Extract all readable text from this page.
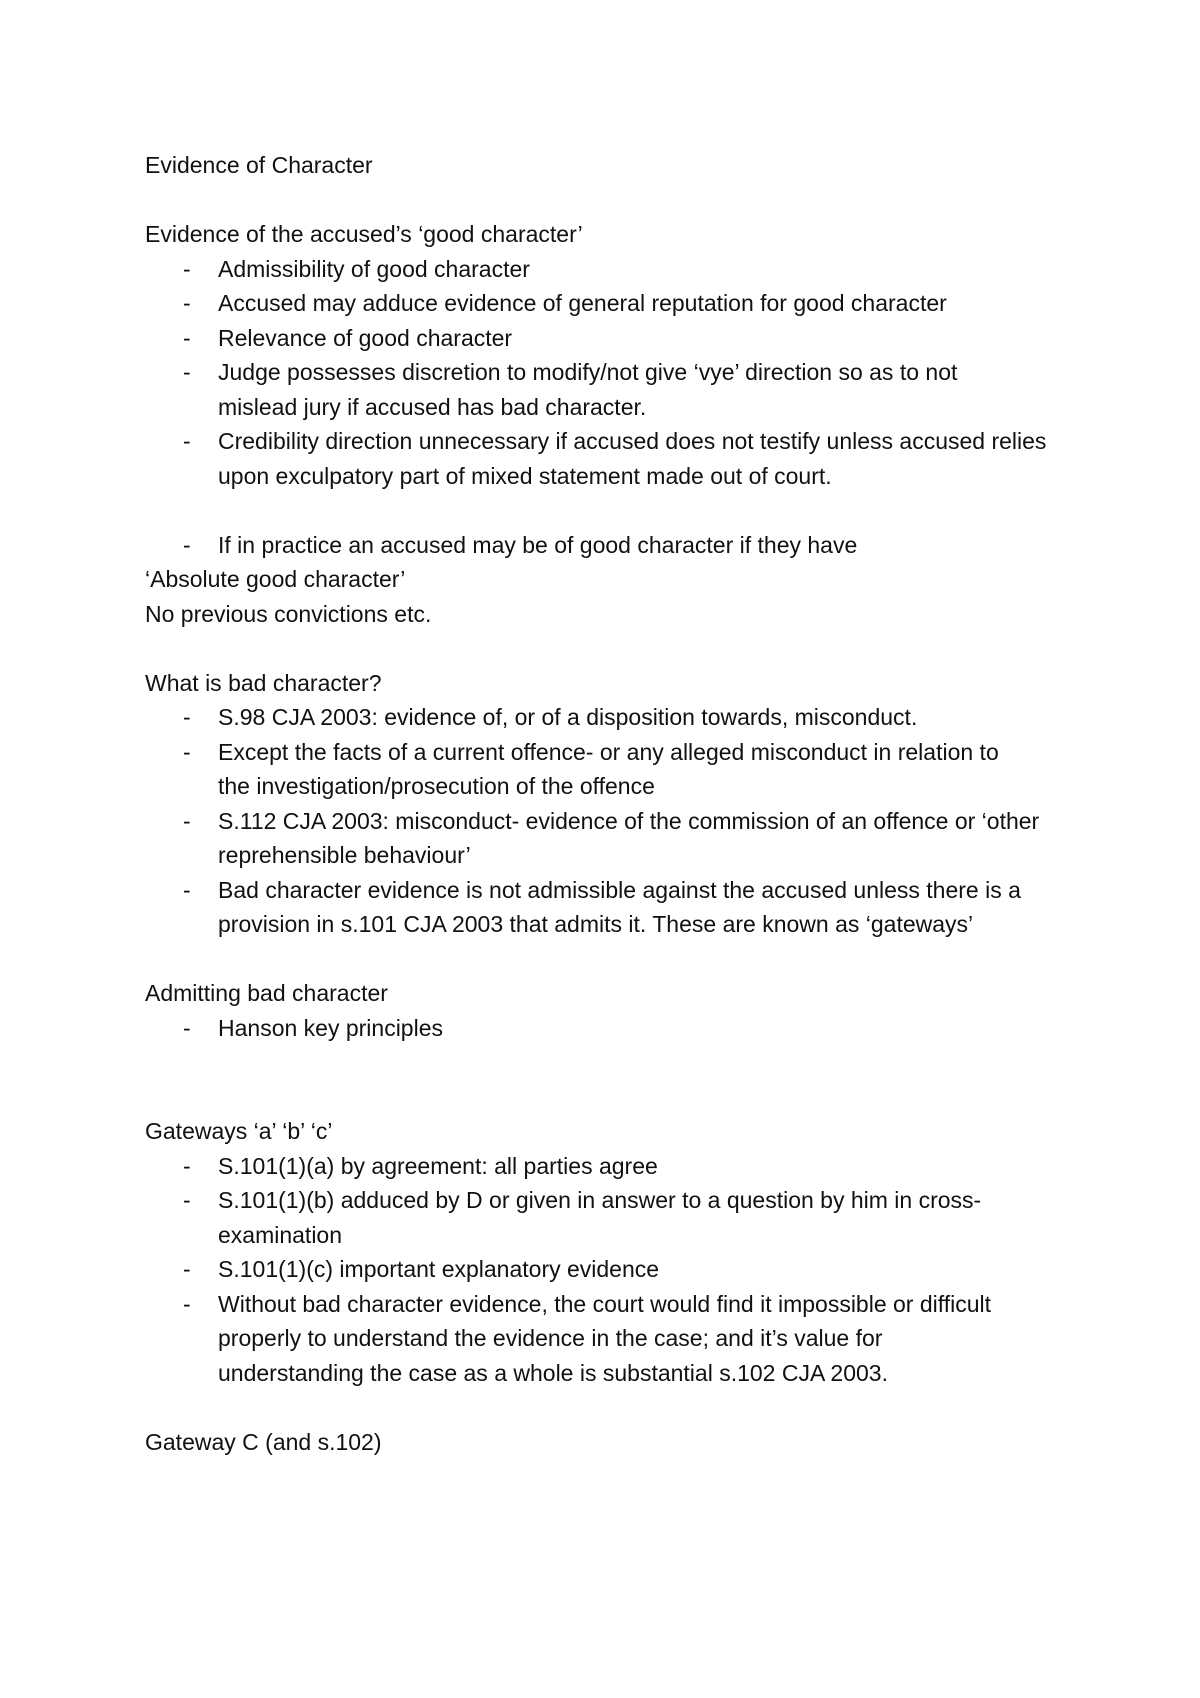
Evidence of Character
Evidence of the accused’s ‘good character’
- Admissibility of good character
- Accused may adduce evidence of general reputation for good character
- Relevance of good character
- Judge possesses discretion to modify/not give ‘vye’ direction so as to not mislead jury if accused has bad character.
- Credibility direction unnecessary if accused does not testify unless accused relies upon exculpatory part of mixed statement made out of court.
- If in practice an accused may be of good character if they have
‘Absolute good character’
No previous convictions etc.
What is bad character?
- S.98 CJA 2003: evidence of, or of a disposition towards, misconduct.
- Except the facts of a current offence- or any alleged misconduct in relation to the investigation/prosecution of the offence
- S.112 CJA 2003: misconduct- evidence of the commission of an offence or ‘other reprehensible behaviour’
- Bad character evidence is not admissible against the accused unless there is a provision in s.101 CJA 2003 that admits it. These are known as ‘gateways’
Admitting bad character
- Hanson key principles
Gateways ‘a’ ‘b’ ‘c’
- S.101(1)(a) by agreement: all parties agree
- S.101(1)(b) adduced by D or given in answer to a question by him in cross-examination
- S.101(1)(c) important explanatory evidence
- Without bad character evidence, the court would find it impossible or difficult properly to understand the evidence in the case; and it’s value for understanding the case as a whole is substantial s.102 CJA 2003.
Gateway C (and s.102)
